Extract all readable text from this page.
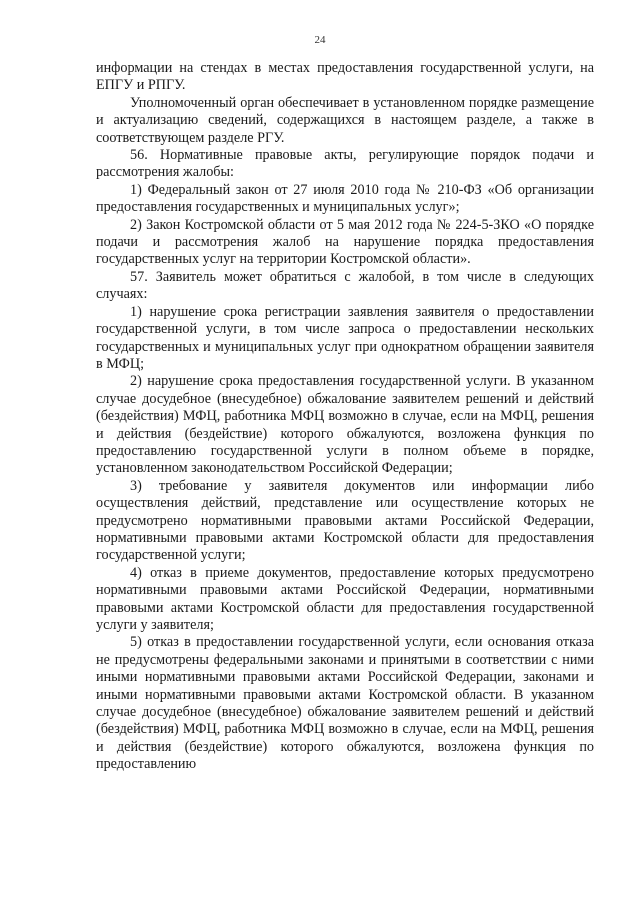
24

информации на стендах в местах предоставления государственной услуги, на ЕПГУ и РПГУ.

Уполномоченный орган обеспечивает в установленном порядке размещение и актуализацию сведений, содержащихся в настоящем разделе, а также в соответствующем разделе РГУ.

56. Нормативные правовые акты, регулирующие порядок подачи и рассмотрения жалобы:

1) Федеральный закон от 27 июля 2010 года № 210-ФЗ «Об организации предоставления государственных и муниципальных услуг»;

2) Закон Костромской области от 5 мая 2012 года № 224-5-ЗКО «О порядке подачи и рассмотрения жалоб на нарушение порядка предоставления государственных услуг на территории Костромской области».

57. Заявитель может обратиться с жалобой, в том числе в следующих случаях:

1) нарушение срока регистрации заявления заявителя о предоставлении государственной услуги, в том числе запроса о предоставлении нескольких государственных и муниципальных услуг при однократном обращении заявителя в МФЦ;

2) нарушение срока предоставления государственной услуги. В указанном случае досудебное (внесудебное) обжалование заявителем решений и действий (бездействия) МФЦ, работника МФЦ возможно в случае, если на МФЦ, решения и действия (бездействие) которого обжалуются, возложена функция по предоставлению государственной услуги в полном объеме в порядке, установленном законодательством Российской Федерации;

3) требование у заявителя документов или информации либо осуществления действий, представление или осуществление которых не предусмотрено нормативными правовыми актами Российской Федерации, нормативными правовыми актами Костромской области для предоставления государственной услуги;

4) отказ в приеме документов, предоставление которых предусмотрено нормативными правовыми актами Российской Федерации, нормативными правовыми актами Костромской области для предоставления государственной услуги у заявителя;

5) отказ в предоставлении государственной услуги, если основания отказа не предусмотрены федеральными законами и принятыми в соответствии с ними иными нормативными правовыми актами Российской Федерации, законами и иными нормативными правовыми актами Костромской области. В указанном случае досудебное (внесудебное) обжалование заявителем решений и действий (бездействия) МФЦ, работника МФЦ возможно в случае, если на МФЦ, решения и действия (бездействие) которого обжалуются, возложена функция по предоставлению
